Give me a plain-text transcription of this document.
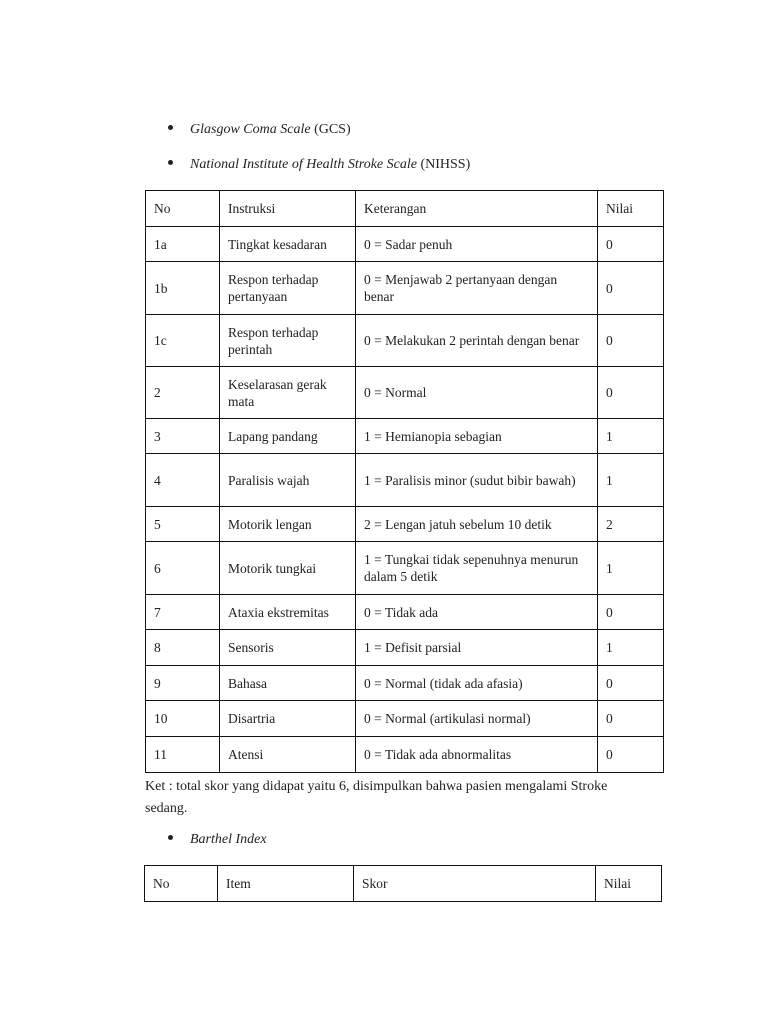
Glasgow Coma Scale (GCS)
National Institute of Health Stroke Scale (NIHSS)
No	Instruksi	Keterangan	Nilai
1a	Tingkat kesadaran	0 = Sadar penuh	0
1b	Respon terhadap pertanyaan	0 = Menjawab 2 pertanyaan dengan benar	0
1c	Respon terhadap perintah	0 = Melakukan 2 perintah dengan benar	0
2	Keselarasan gerak mata	0 = Normal	0
3	Lapang pandang	1 = Hemianopia sebagian	1
4	Paralisis wajah	1 = Paralisis minor (sudut bibir bawah)	1
5	Motorik lengan	2 = Lengan jatuh sebelum 10 detik	2
6	Motorik tungkai	1 = Tungkai tidak sepenuhnya menurun dalam 5 detik	1
7	Ataxia ekstremitas	0 = Tidak ada	0
8	Sensoris	1 = Defisit parsial	1
9	Bahasa	0 = Normal (tidak ada afasia)	0
10	Disartria	0 = Normal (artikulasi normal)	0
11	Atensi	0 = Tidak ada abnormalitas	0
Ket : total skor yang didapat yaitu 6, disimpulkan bahwa pasien mengalami Stroke
sedang.
Barthel Index
No	Item	Skor	Nilai
